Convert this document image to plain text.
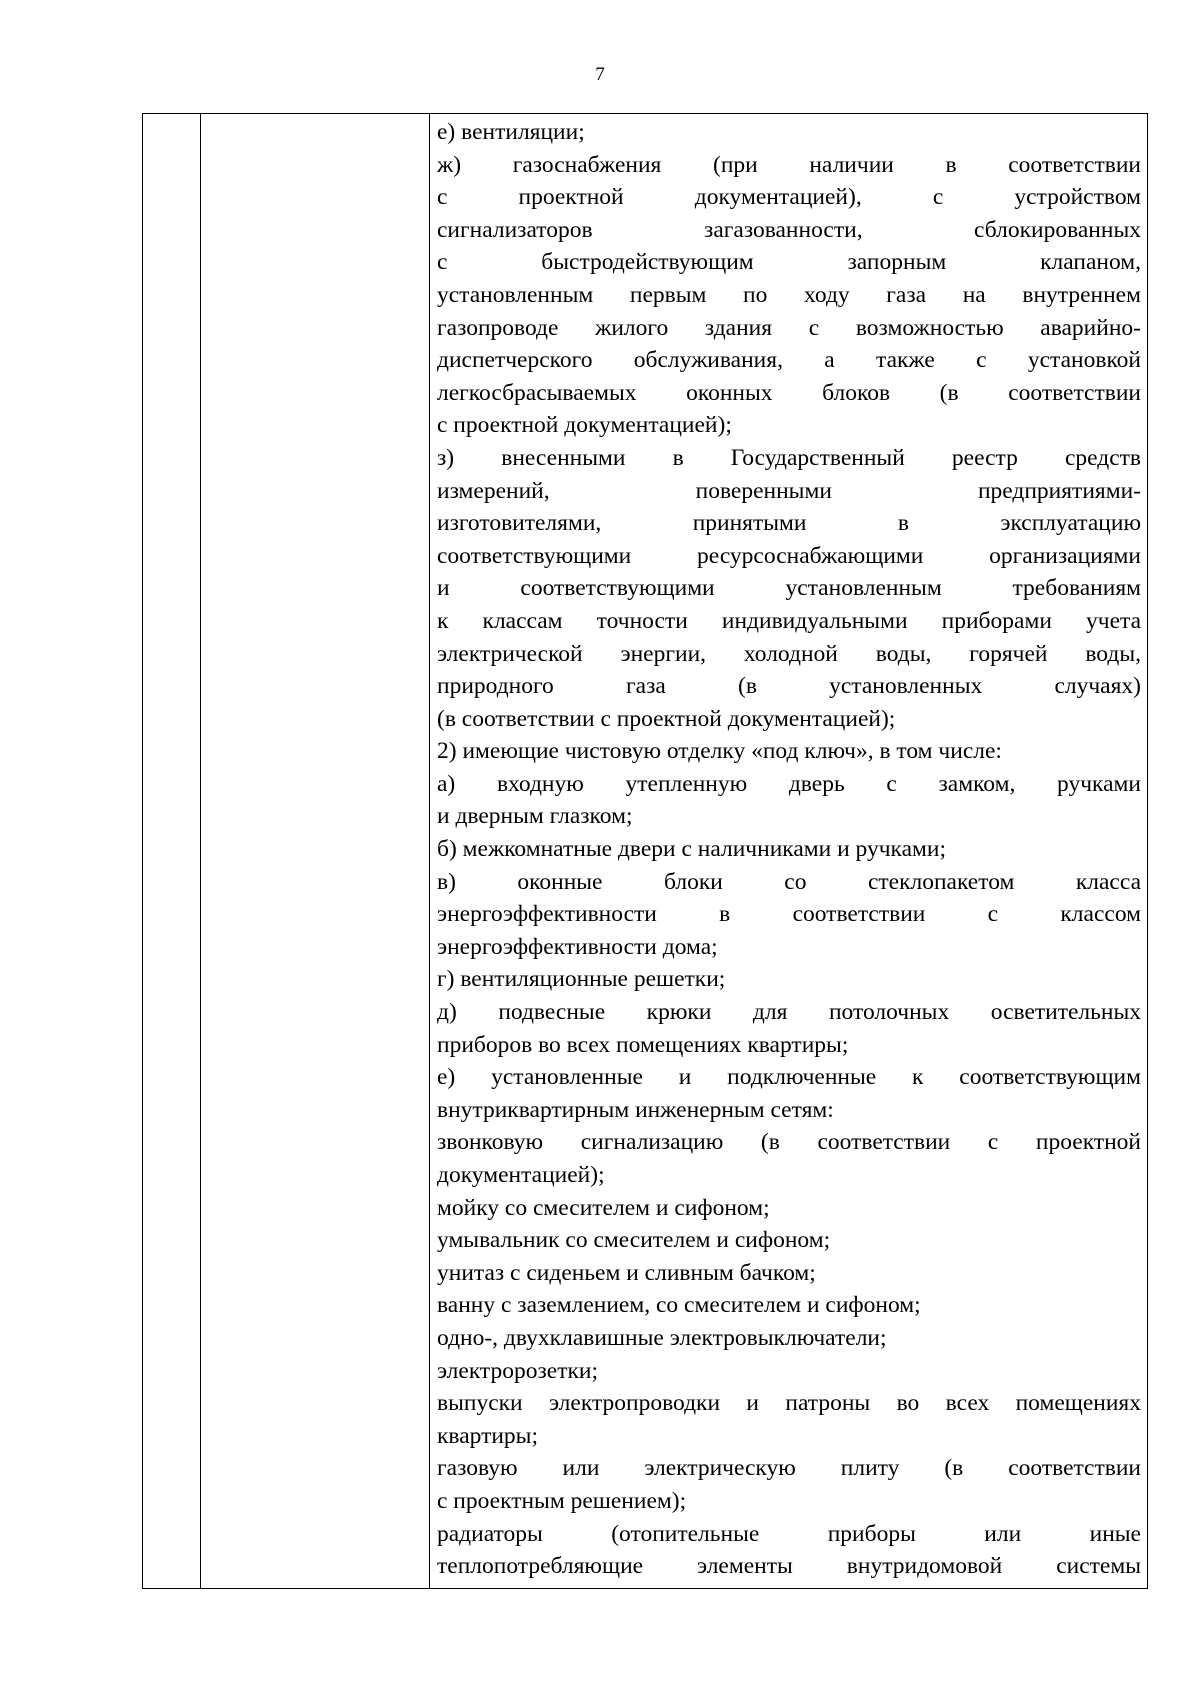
7
е) вентиляции;
ж) газоснабжения (при наличии в соответствии
с проектной документацией), с устройством
сигнализаторов загазованности, сблокированных
с быстродействующим запорным клапаном,
установленным первым по ходу газа на внутреннем
газопроводе жилого здания с возможностью аварийно-
диспетчерского обслуживания, а также с установкой
легкосбрасываемых оконных блоков (в соответствии
с проектной документацией);
з) внесенными в Государственный реестр средств
измерений, поверенными предприятиями-
изготовителями, принятыми в эксплуатацию
соответствующими ресурсоснабжающими организациями
и соответствующими установленным требованиям
к классам точности индивидуальными приборами учета
электрической энергии, холодной воды, горячей воды,
природного газа (в установленных случаях)
(в соответствии с проектной документацией);
2) имеющие чистовую отделку «под ключ», в том числе:
а) входную утепленную дверь с замком, ручками
и дверным глазком;
б) межкомнатные двери с наличниками и ручками;
в) оконные блоки со стеклопакетом класса
энергоэффективности в соответствии с классом
энергоэффективности дома;
г) вентиляционные решетки;
д) подвесные крюки для потолочных осветительных
приборов во всех помещениях квартиры;
е) установленные и подключенные к соответствующим
внутриквартирным инженерным сетям:
звонковую сигнализацию (в соответствии с проектной
документацией);
мойку со смесителем и сифоном;
умывальник со смесителем и сифоном;
унитаз с сиденьем и сливным бачком;
ванну с заземлением, со смесителем и сифоном;
одно-, двухклавишные электровыключатели;
электророзетки;
выпуски электропроводки и патроны во всех помещениях
квартиры;
газовую или электрическую плиту (в соответствии
с проектным решением);
радиаторы (отопительные приборы или иные
теплопотребляющие элементы внутридомовой системы
